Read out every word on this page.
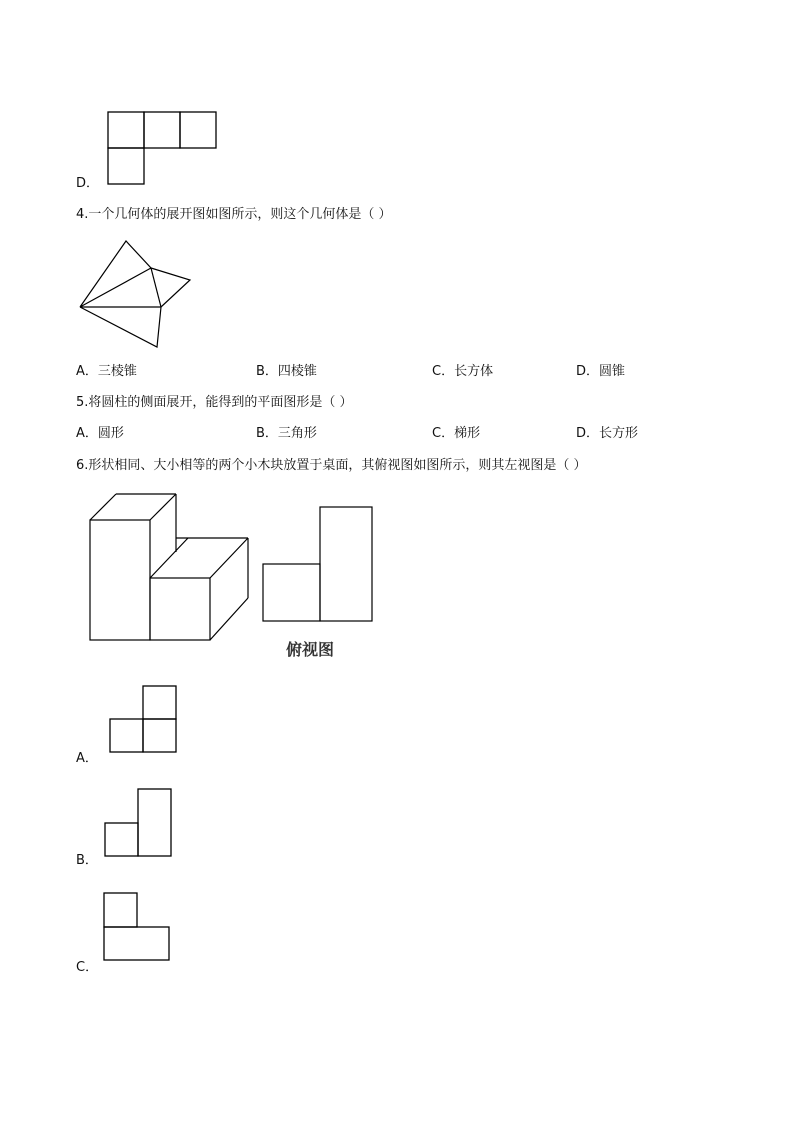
D．
4.一个几何体的展开图如图所示，则这个几何体是（ ）
A．三棱锥	B．四棱锥	C．长方体	D．圆锥
5.将圆柱的侧面展开，能得到的平面图形是（ ）
A．圆形	B．三角形	C．梯形	D．长方形
6.形状相同、大小相等的两个小木块放置于桌面，其俯视图如图所示，则其左视图是（ ）
俯视图
A．
B．
C．
